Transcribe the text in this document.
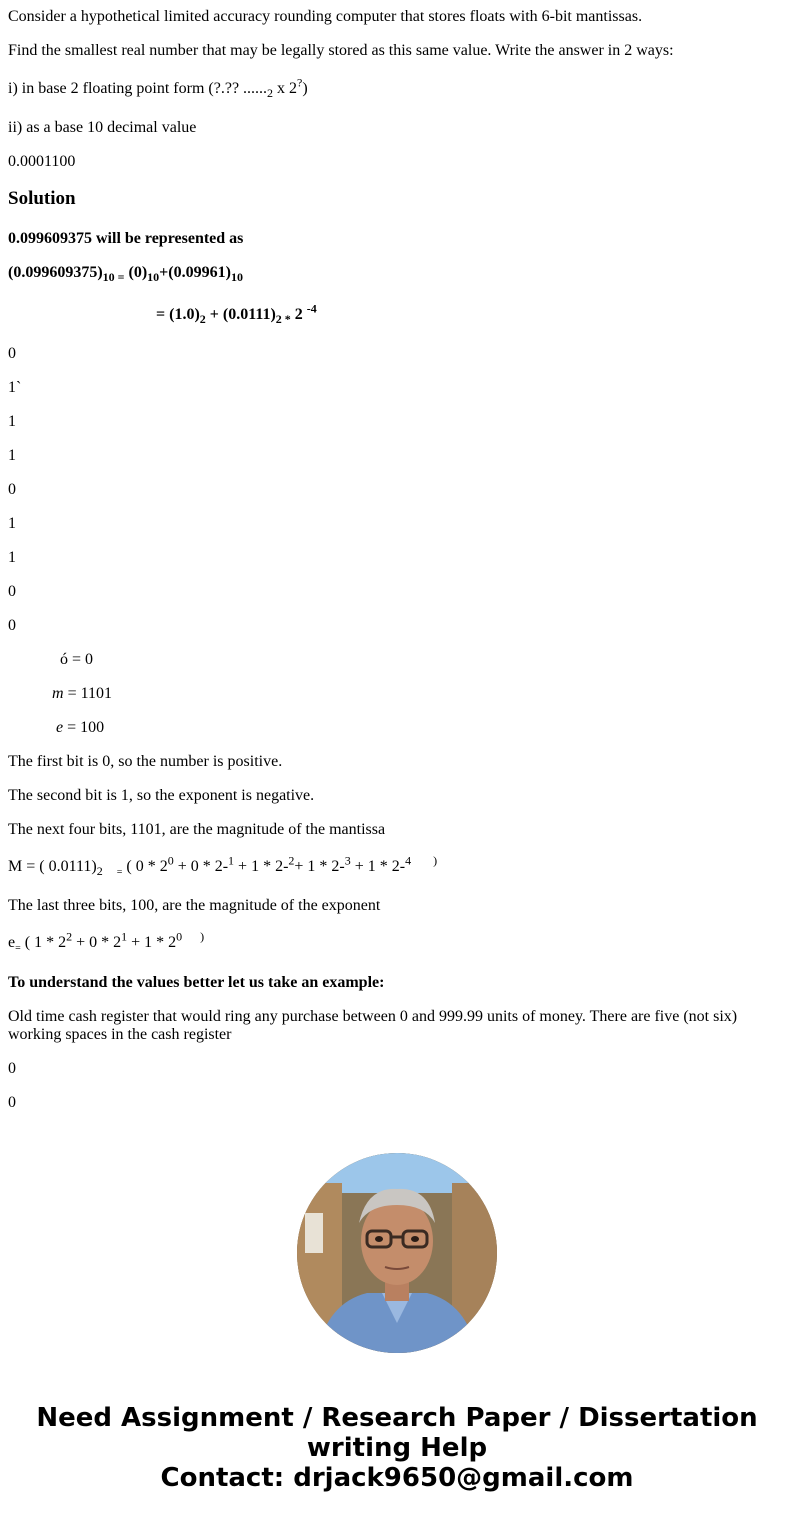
Consider a hypothetical limited accuracy rounding computer that stores floats with 6-bit mantissas.
Find the smallest real number that may be legally stored as this same value. Write the answer in 2 ways:
i) in base 2 floating point form (?.?? $......_2$ x 2?)
ii) as a base 10 decimal value
0.0001100
Solution
0.099609375 will be represented as
$(0.099609375)_{10 =}$ $(0)_{10}+(0.09961)_{10}$
= $(1.0)_2 + (0.0111)_{2 *}$ 2 $^{-4}$
0
1`
1
1
0
1
1
0
0
ó = 0
m = 1101
e = 100
The first bit is 0, so the number is positive.
The second bit is 1, so the exponent is negative.
The next four bits, 1101, are the magnitude of the mantissa
M = ( $0.0111)_2$ $_=$ ( $0 * 2^0 + 0 * 2-^1 + 1 * 2-^2+ 1 * 2-^3 + 1 * 2-^4$ )
The last three bits, 100, are the magnitude of the exponent
$e_=$ ( $1 * 2^2 + 0 * 2^1 + 1 * 2^0$ )
To understand the values better let us take an example:
Old time cash register that would ring any purchase between 0 and 999.99 units of money. There are five (not six) working spaces in the cash register
0
0
Need Assignment / Research Paper / Dissertation
writing Help
Contact: drjack9650@gmail.com
